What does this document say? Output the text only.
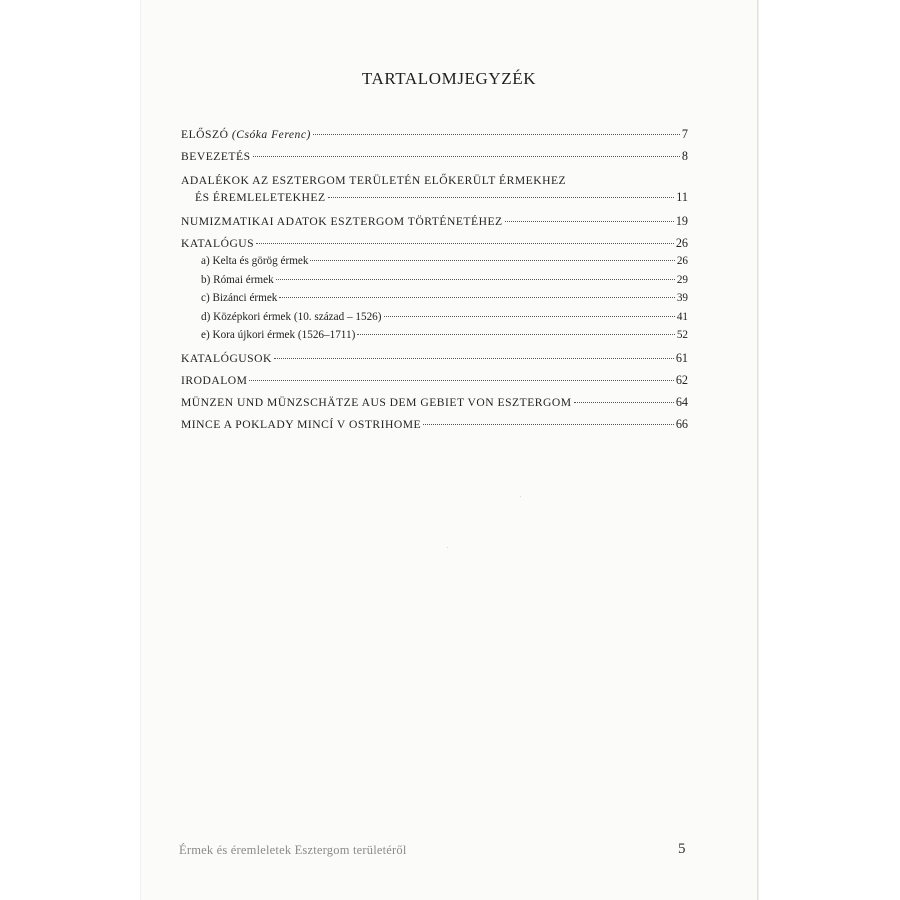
TARTALOMJEGYZÉK
ELŐSZÓ (Csóka Ferenc)	7
BEVEZETÉS	8
ADALÉKOK AZ ESZTERGOM TERÜLETÉN ELŐKERÜLT ÉRMEKHEZ
ÉS ÉREMLELETEKHEZ	11
NUMIZMATIKAI ADATOK ESZTERGOM TÖRTÉNETÉHEZ	19
KATALÓGUS	26
a) Kelta és görög érmek	26
b) Római érmek	29
c) Bizánci érmek	39
d) Középkori érmek (10. század – 1526)	41
e) Kora újkori érmek (1526–1711)	52
KATALÓGUSOK	61
IRODALOM	62
MÜNZEN UND MÜNZSCHÄTZE AUS DEM GEBIET VON ESZTERGOM	64
MINCE A POKLADY MINCÍ V OSTRIHOME	66
Érmek és éremleletek Esztergom területéről	5
